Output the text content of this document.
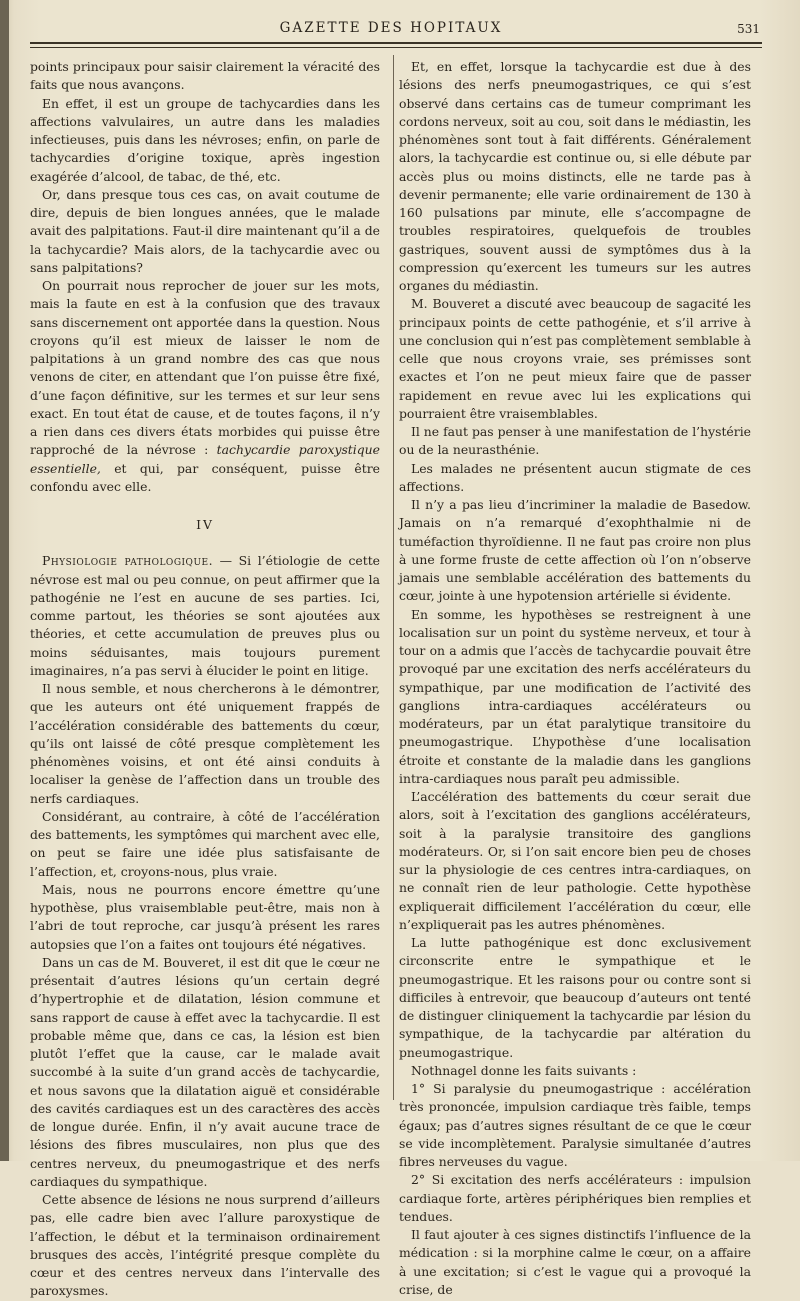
GAZETTE DES HOPITAUX	531

points principaux pour saisir clairement la véracité des faits que nous avançons.

En effet, il est un groupe de tachycardies dans les affections valvulaires, un autre dans les maladies infectieuses, puis dans les névroses; enfin, on parle de tachycardies d’origine toxique, après ingestion exagérée d’alcool, de tabac, de thé, etc.

Or, dans presque tous ces cas, on avait coutume de dire, depuis de bien longues années, que le malade avait des palpitations. Faut-il dire maintenant qu’il a de la tachycardie? Mais alors, de la tachycardie avec ou sans palpitations?

On pourrait nous reprocher de jouer sur les mots, mais la faute en est à la confusion que des travaux sans discernement ont apportée dans la question. Nous croyons qu’il est mieux de laisser le nom de palpitations à un grand nombre des cas que nous venons de citer, en attendant que l’on puisse être fixé, d’une façon définitive, sur les termes et sur leur sens exact. En tout état de cause, et de toutes façons, il n’y a rien dans ces divers états morbides qui puisse être rapproché de la névrose : tachycardie paroxystique essentielle, et qui, par conséquent, puisse être confondu avec elle.

IV

Physiologie pathologique. — Si l’étiologie de cette névrose est mal ou peu connue, on peut affirmer que la pathogénie ne l’est en aucune de ses parties. Ici, comme partout, les théories se sont ajoutées aux théories, et cette accumulation de preuves plus ou moins séduisantes, mais toujours purement imaginaires, n’a pas servi à élucider le point en litige.

Il nous semble, et nous chercherons à le démontrer, que les auteurs ont été uniquement frappés de l’accélération considérable des battements du cœur, qu’ils ont laissé de côté presque complètement les phénomènes voisins, et ont été ainsi conduits à localiser la genèse de l’affection dans un trouble des nerfs cardiaques.

Considérant, au contraire, à côté de l’accélération des battements, les symptômes qui marchent avec elle, on peut se faire une idée plus satisfaisante de l’affection, et, croyons-nous, plus vraie.

Mais, nous ne pourrons encore émettre qu’une hypothèse, plus vraisemblable peut-être, mais non à l’abri de tout reproche, car jusqu’à présent les rares autopsies que l’on a faites ont toujours été négatives.

Dans un cas de M. Bouveret, il est dit que le cœur ne présentait d’autres lésions qu’un certain degré d’hypertrophie et de dilatation, lésion commune et sans rapport de cause à effet avec la tachycardie. Il est probable même que, dans ce cas, la lésion est bien plutôt l’effet que la cause, car le malade avait succombé à la suite d’un grand accès de tachycardie, et nous savons que la dilatation aiguë et considérable des cavités cardiaques est un des caractères des accès de longue durée. Enfin, il n’y avait aucune trace de lésions des fibres musculaires, non plus que des centres nerveux, du pneumogastrique et des nerfs cardiaques du sympathique.

Cette absence de lésions ne nous surprend d’ailleurs pas, elle cadre bien avec l’allure paroxystique de l’affection, le début et la terminaison ordinairement brusques des accès, l’intégrité presque complète du cœur et des centres nerveux dans l’intervalle des paroxysmes.

Et, en effet, lorsque la tachycardie est due à des lésions des nerfs pneumogastriques, ce qui s’est observé dans certains cas de tumeur comprimant les cordons nerveux, soit au cou, soit dans le médiastin, les phénomènes sont tout à fait différents. Généralement alors, la tachycardie est continue ou, si elle débute par accès plus ou moins distincts, elle ne tarde pas à devenir permanente; elle varie ordinairement de 130 à 160 pulsations par minute, elle s’accompagne de troubles respiratoires, quelquefois de troubles gastriques, souvent aussi de symptômes dus à la compression qu’exercent les tumeurs sur les autres organes du médiastin.

M. Bouveret a discuté avec beaucoup de sagacité les principaux points de cette pathogénie, et s’il arrive à une conclusion qui n’est pas complètement semblable à celle que nous croyons vraie, ses prémisses sont exactes et l’on ne peut mieux faire que de passer rapidement en revue avec lui les explications qui pourraient être vraisemblables.

Il ne faut pas penser à une manifestation de l’hystérie ou de la neurasthénie.

Les malades ne présentent aucun stigmate de ces affections.

Il n’y a pas lieu d’incriminer la maladie de Basedow. Jamais on n’a remarqué d’exophthalmie ni de tuméfaction thyroïdienne. Il ne faut pas croire non plus à une forme fruste de cette affection où l’on n’observe jamais une semblable accélération des battements du cœur, jointe à une hypotension artérielle si évidente.

En somme, les hypothèses se restreignent à une localisation sur un point du système nerveux, et tour à tour on a admis que l’accès de tachycardie pouvait être provoqué par une excitation des nerfs accélérateurs du sympathique, par une modification de l’activité des ganglions intra-cardiaques accélérateurs ou modérateurs, par un état paralytique transitoire du pneumogastrique. L’hypothèse d’une localisation étroite et constante de la maladie dans les ganglions intra-cardiaques nous paraît peu admissible.

L’accélération des battements du cœur serait due alors, soit à l’excitation des ganglions accélérateurs, soit à la paralysie transitoire des ganglions modérateurs. Or, si l’on sait encore bien peu de choses sur la physiologie de ces centres intra-cardiaques, on ne connaît rien de leur pathologie. Cette hypothèse expliquerait difficilement l’accélération du cœur, elle n’expliquerait pas les autres phénomènes.

La lutte pathogénique est donc exclusivement circonscrite entre le sympathique et le pneumogastrique. Et les raisons pour ou contre sont si difficiles à entrevoir, que beaucoup d’auteurs ont tenté de distinguer cliniquement la tachycardie par lésion du sympathique, de la tachycardie par altération du pneumogastrique.

Nothnagel donne les faits suivants :

1° Si paralysie du pneumogastrique : accélération très prononcée, impulsion cardiaque très faible, temps égaux; pas d’autres signes résultant de ce que le cœur se vide incomplètement. Paralysie simultanée d’autres fibres nerveuses du vague.

2° Si excitation des nerfs accélérateurs : impulsion cardiaque forte, artères périphériques bien remplies et tendues.

Il faut ajouter à ces signes distinctifs l’influence de la médication : si la morphine calme le cœur, on a affaire à une excitation; si c’est le vague qui a provoqué la crise, de
